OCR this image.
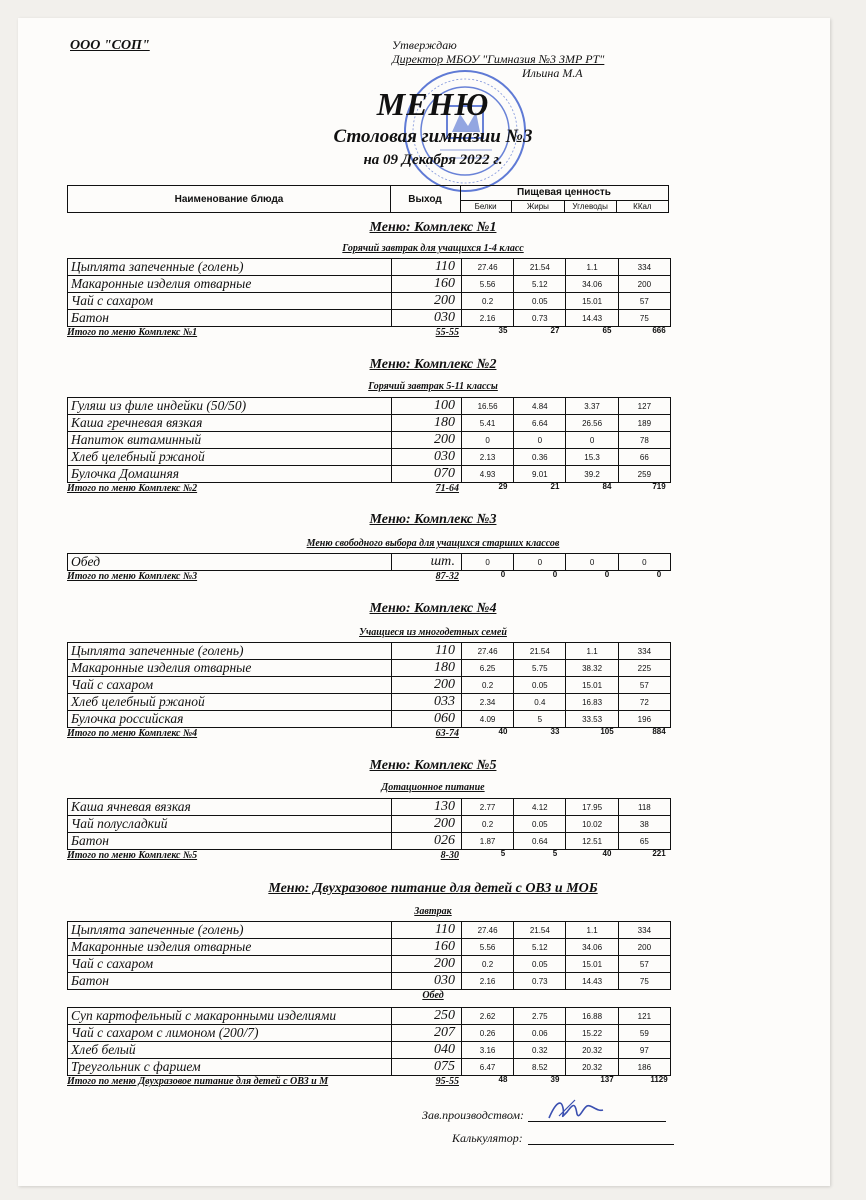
ООО "СОП"	Утверждаю
Директор МБОУ "Гимназия №3 ЗМР РТ"
Ильина М.А
МЕНЮ
Столовая гимназии №3
на 09 Декабря 2022 г.
Наименование блюда	Выход
Пищевая ценность
Белки	Жиры	Углеводы	ККал
Меню: Комплекс №1
Горячий завтрак для учащихся 1-4 класс
Цыплята запеченные (голень)	110	27.46	21.54	1.1	334
Макаронные изделия отварные	160	5.56	5.12	34.06	200
Чай с сахаром	200	0.2	0.05	15.01	57
Батон	030	2.16	0.73	14.43	75
Итого по меню Комплекс №1	55-55	35	27	65	666
Меню: Комплекс №2
Горячий завтрак 5-11 классы
Гуляш из филе индейки (50/50)	100	16.56	4.84	3.37	127
Каша гречневая вязкая	180	5.41	6.64	26.56	189
Напиток витаминный	200	0	0	0	78
Хлеб целебный ржаной	030	2.13	0.36	15.3	66
Булочка Домашняя	070	4.93	9.01	39.2	259
Итого по меню Комплекс №2	71-64	29	21	84	719
Меню: Комплекс №3
Меню свободного выбора для учащихся старших классов
Обед	шт.	0	0	0	0
Итого по меню Комплекс №3	87-32	0	0	0	0
Меню: Комплекс №4
Учащиеся из многодетных семей
Цыплята запеченные (голень)	110	27.46	21.54	1.1	334
Макаронные изделия отварные	180	6.25	5.75	38.32	225
Чай с сахаром	200	0.2	0.05	15.01	57
Хлеб целебный ржаной	033	2.34	0.4	16.83	72
Булочка российская	060	4.09	5	33.53	196
Итого по меню Комплекс №4	63-74	40	33	105	884
Меню: Комплекс №5
Дотационное питание
Каша ячневая вязкая	130	2.77	4.12	17.95	118
Чай полусладкий	200	0.2	0.05	10.02	38
Батон	026	1.87	0.64	12.51	65
Итого по меню Комплекс №5	8-30	5	5	40	221
Меню: Двухразовое питание для детей с ОВЗ и МОБ
Завтрак
Цыплята запеченные (голень)	110	27.46	21.54	1.1	334
Макаронные изделия отварные	160	5.56	5.12	34.06	200
Чай с сахаром	200	0.2	0.05	15.01	57
Батон	030	2.16	0.73	14.43	75
Обед
Суп картофельный с макаронными изделиями	250	2.62	2.75	16.88	121
Чай с сахаром с лимоном (200/7)	207	0.26	0.06	15.22	59
Хлеб белый	040	3.16	0.32	20.32	97
Треугольник с фаршем	075	6.47	8.52	20.32	186
Итого по меню Двухразовое питание для детей с ОВЗ и М	95-55	48	39	137	1129
Зав.производством:
Калькулятор:
